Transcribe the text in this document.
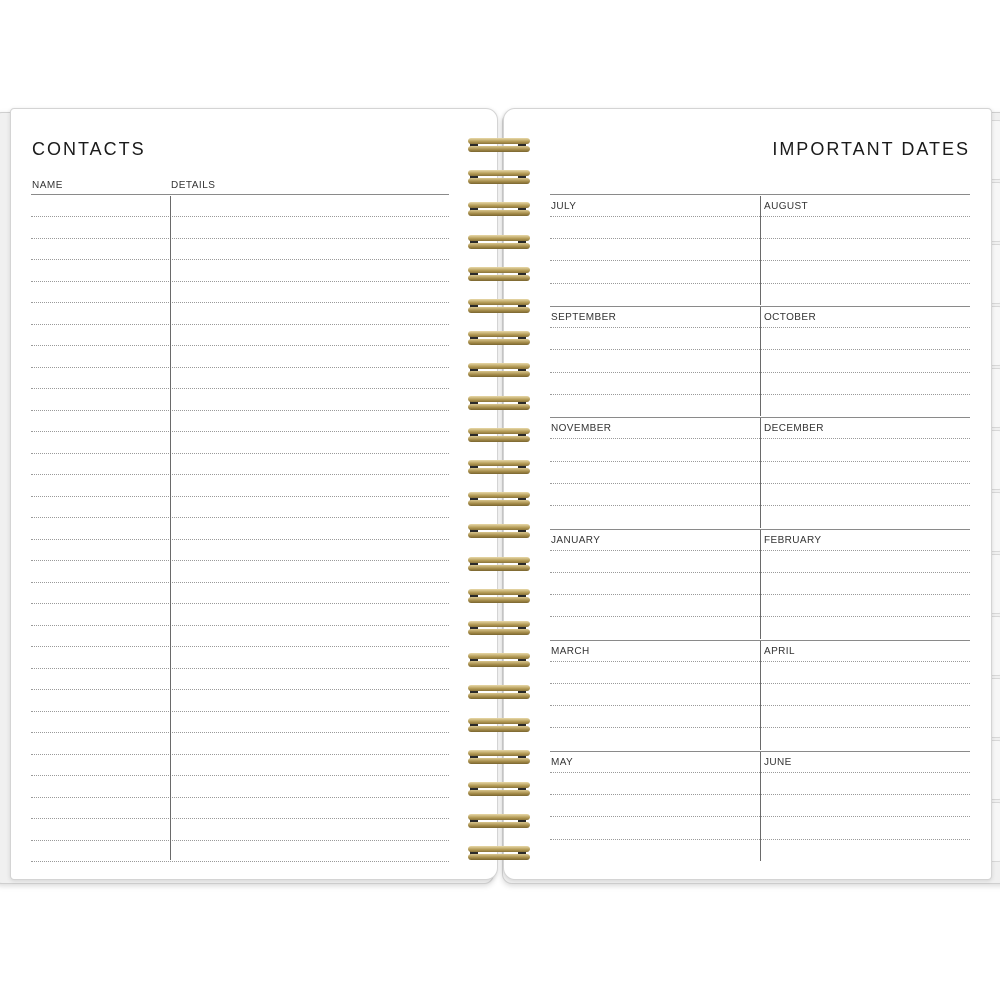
CONTACTS
NAME	DETAILS
IMPORTANT DATES
JULY	AUGUST
SEPTEMBER	OCTOBER
NOVEMBER	DECEMBER
JANUARY	FEBRUARY
MARCH	APRIL
MAY	JUNE
